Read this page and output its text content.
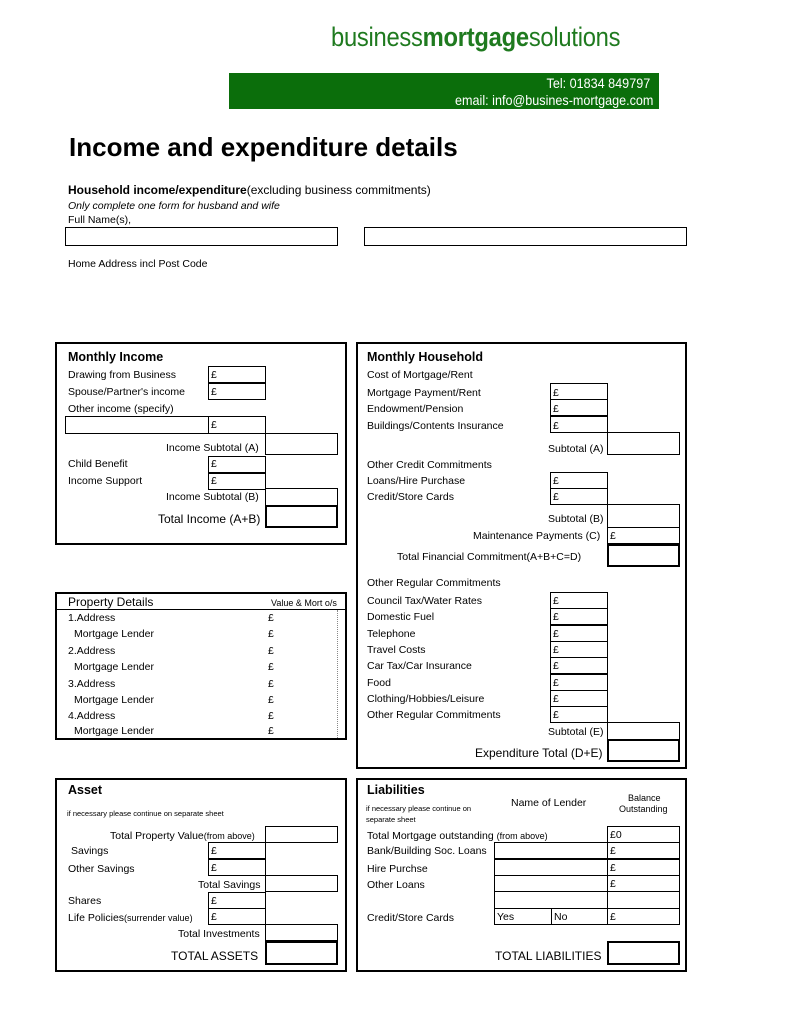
businessmortgagesolutions
Tel: 01834 849797
email: info@busines-mortgage.com
Income and expenditure details
Household income/expenditure(excluding business commitments)
Only complete one form for husband and wife
Full Name(s),
Home Address incl Post Code
Monthly Income
Drawing from Business	£
Spouse/Partner's income £
Other income (specify)
£
Income Subtotal (A)
Child Benefit	£
Income Support	£
Income Subtotal (B)
Total Income (A+B)
Property Details	Value & Mort o/s
1.Address	£
Mortgage Lender	£
2.Address	£
Mortgage Lender	£
3.Address	£
Mortgage Lender	£
4.Address	£
Mortgage Lender	£
Monthly Household
Cost of Mortgage/Rent
Mortgage Payment/Rent	£
Endowment/Pension	£
Buildings/Contents Insurance	£
Subtotal (A)
Other Credit Commitments
Loans/Hire Purchase	£
Credit/Store Cards	£
Subtotal (B)
Maintenance Payments (C) £
Total Financial Commitment(A+B+C=D)
Other Regular Commitments
Council Tax/Water Rates	£
Domestic Fuel	£
Telephone	£
Travel Costs	£
Car Tax/Car Insurance	£
Food	£
Clothing/Hobbies/Leisure	£
Other Regular Commitments	£
Subtotal (E)
Expenditure Total (D+E)
Asset
if necessary please continue on separate sheet
Total Property Value(from above)
Savings	£
Other Savings	£
Total Savings
Shares	£
Life Policies(surrender value) £
Total Investments
TOTAL ASSETS
Liabilities
if necessary please continue on
separate sheet
Name of Lender	Balance
Outstanding
Total Mortgage outstanding (from above)	£0
Bank/Building Soc. Loans	£
Hire Purchse	£
Other Loans	£
Credit/Store Cards	Yes	No	£
TOTAL LIABILITIES
